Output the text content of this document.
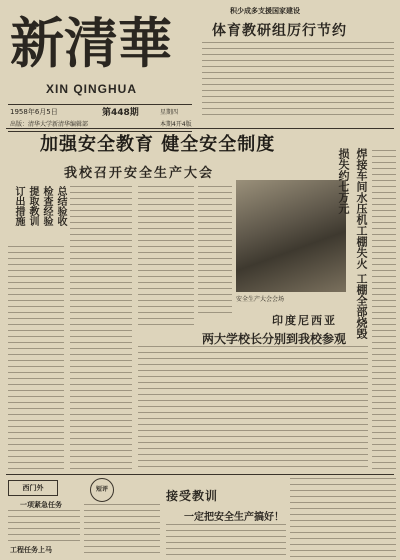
新清華
XIN QINGHUA
1958年6月5日	第448期	星期四
出版：清华大学新清华编辑部	本期4开4版
积少成多支援国家建设
体育教研组厉行节约
加强安全教育 健全安全制度
我校召开安全生产大会
订出措施 提取教训 检查经验 总结验收
安全生产大会会场	焊接车间水压机工棚失火 工棚全部烧毁损失约七万元
印度尼西亚
两大学校长分别到我校参观
西门外
一项紧急任务
工程任务上马
短评	接受教训
一定把安全生产搞好！
